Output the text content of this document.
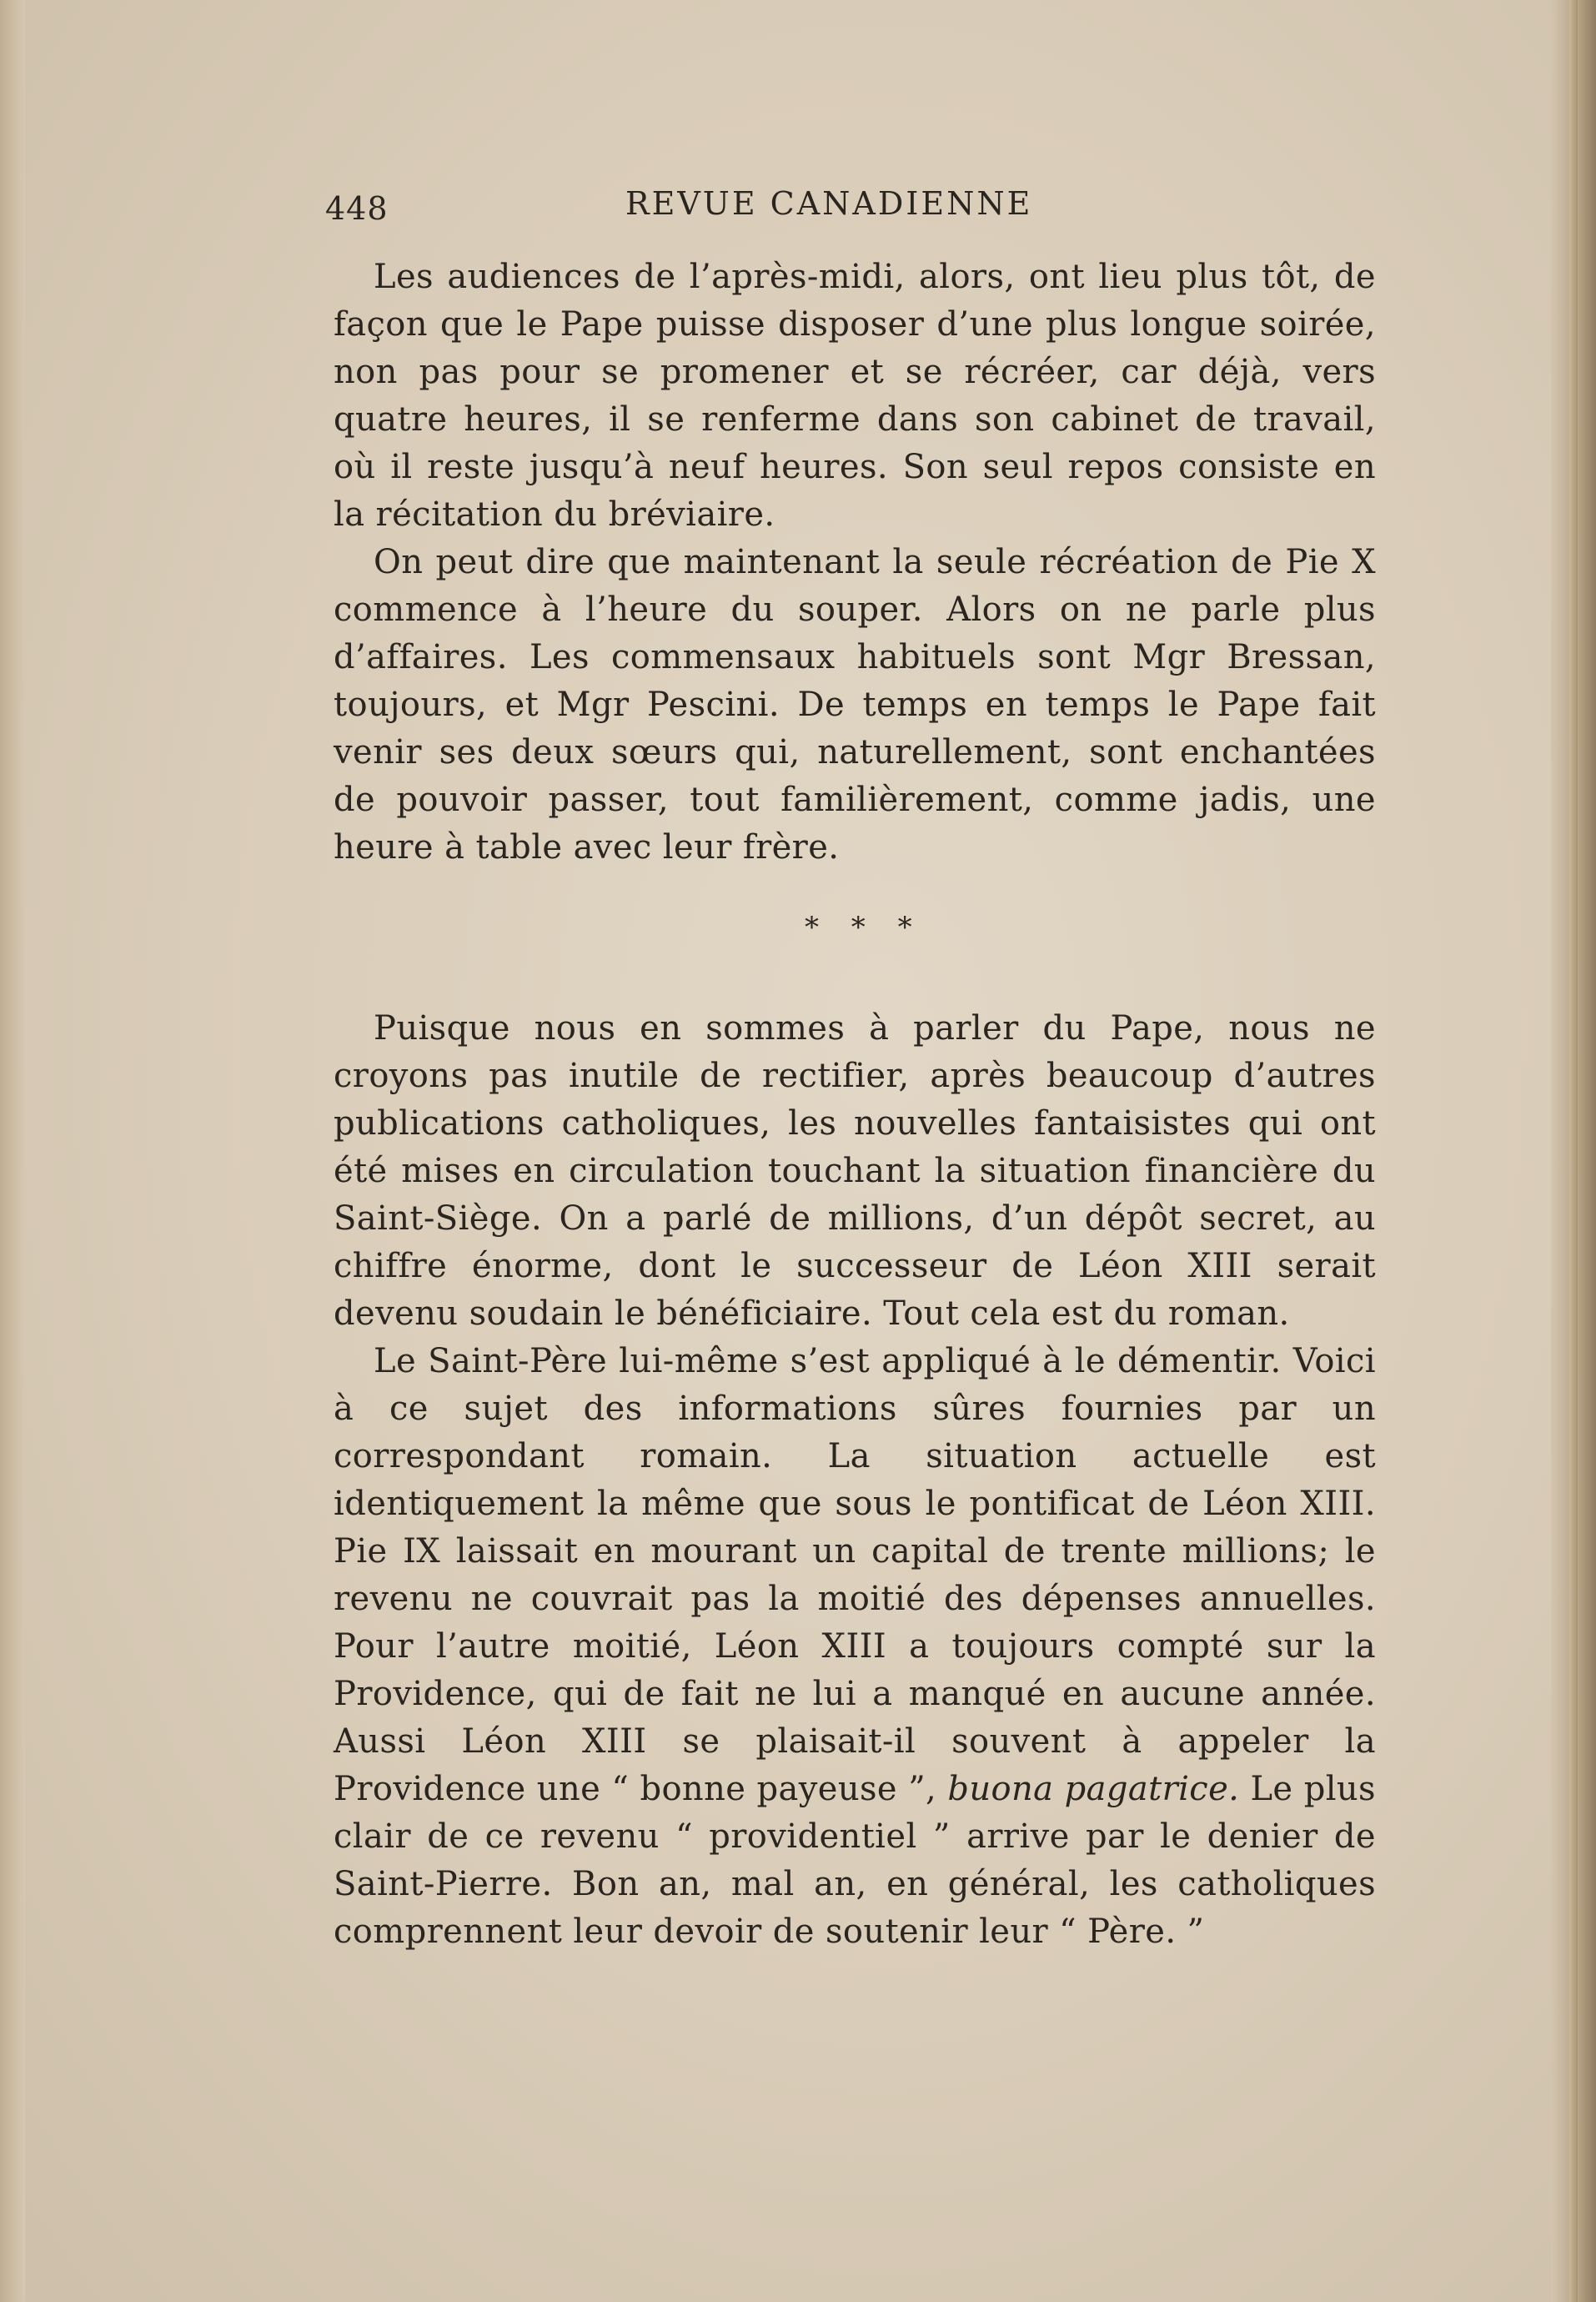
448	REVUE CANADIENNE

Les audiences de l’après-midi, alors, ont lieu plus tôt, de façon que le Pape puisse disposer d’une plus longue soirée, non pas pour se promener et se récréer, car déjà, vers quatre heures, il se renferme dans son cabinet de travail, où il reste jusqu’à neuf heures. Son seul repos consiste en la récitation du bréviaire.

On peut dire que maintenant la seule récréation de Pie X commence à l’heure du souper. Alors on ne parle plus d’affaires. Les commensaux habituels sont Mgr Bressan, toujours, et Mgr Pescini. De temps en temps le Pape fait venir ses deux sœurs qui, naturellement, sont enchantées de pouvoir passer, tout familièrement, comme jadis, une heure à table avec leur frère.

* * *

Puisque nous en sommes à parler du Pape, nous ne croyons pas inutile de rectifier, après beaucoup d’autres publications catholiques, les nouvelles fantaisistes qui ont été mises en circulation touchant la situation financière du Saint-Siège. On a parlé de millions, d’un dépôt secret, au chiffre énorme, dont le successeur de Léon XIII serait devenu soudain le bénéficiaire. Tout cela est du roman.

Le Saint-Père lui-même s’est appliqué à le démentir. Voici à ce sujet des informations sûres fournies par un correspondant romain. La situation actuelle est identiquement la même que sous le pontificat de Léon XIII. Pie IX laissait en mourant un capital de trente millions; le revenu ne couvrait pas la moitié des dépenses annuelles. Pour l’autre moitié, Léon XIII a toujours compté sur la Providence, qui de fait ne lui a manqué en aucune année. Aussi Léon XIII se plaisait-il souvent à appeler la Providence une “ bonne payeuse ”, buona pagatrice. Le plus clair de ce revenu “ providentiel ” arrive par le denier de Saint-Pierre. Bon an, mal an, en général, les catholiques comprennent leur devoir de soutenir leur “ Père. ”
